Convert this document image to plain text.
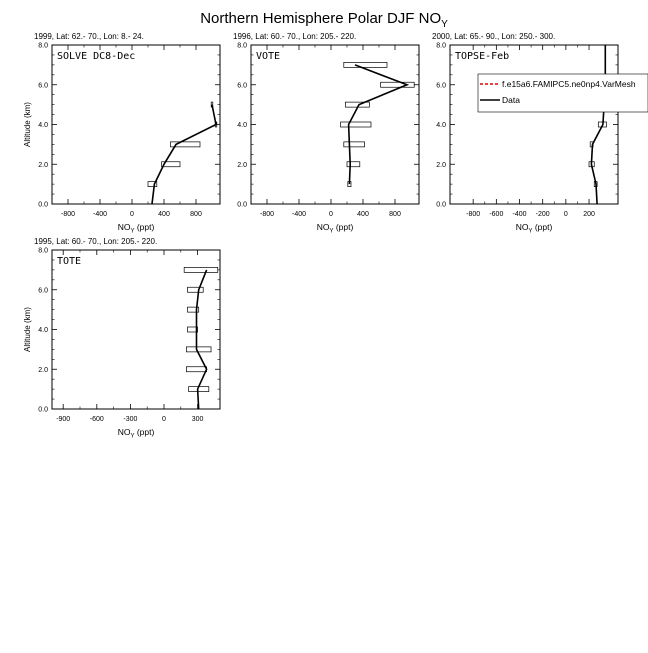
Northern Hemisphere Polar DJF $NO_Y$
1999, Lat: 62.- 70., Lon: 8.- 24.
SOLVE DC8-Dec
0.0
2.0
4.0
6.0
8.0
-800	-400	0	400	800
Altitude (km)
$NO_Y$ (ppt)
1996, Lat: 60.- 70., Lon: 205.- 220.
VOTE
0.0
2.0
4.0
6.0
8.0
-800	-400	0	400	800
$NO_Y$ (ppt)
2000, Lat: 65.- 90., Lon: 250.- 300.
TOPSE-Feb
0.0
2.0
4.0
6.0
8.0
-800 -600 -400 -200 0 200
$NO_Y$ (ppt)
1995, Lat: 60.- 70., Lon: 205.- 220.
TOTE
0.0
2.0
4.0
6.0
8.0
-900	-600	-300	0	300
Altitude (km)
$NO_Y$ (ppt)
f.e15a6.FAMIPC5.ne0np4.VarMesh
Data
